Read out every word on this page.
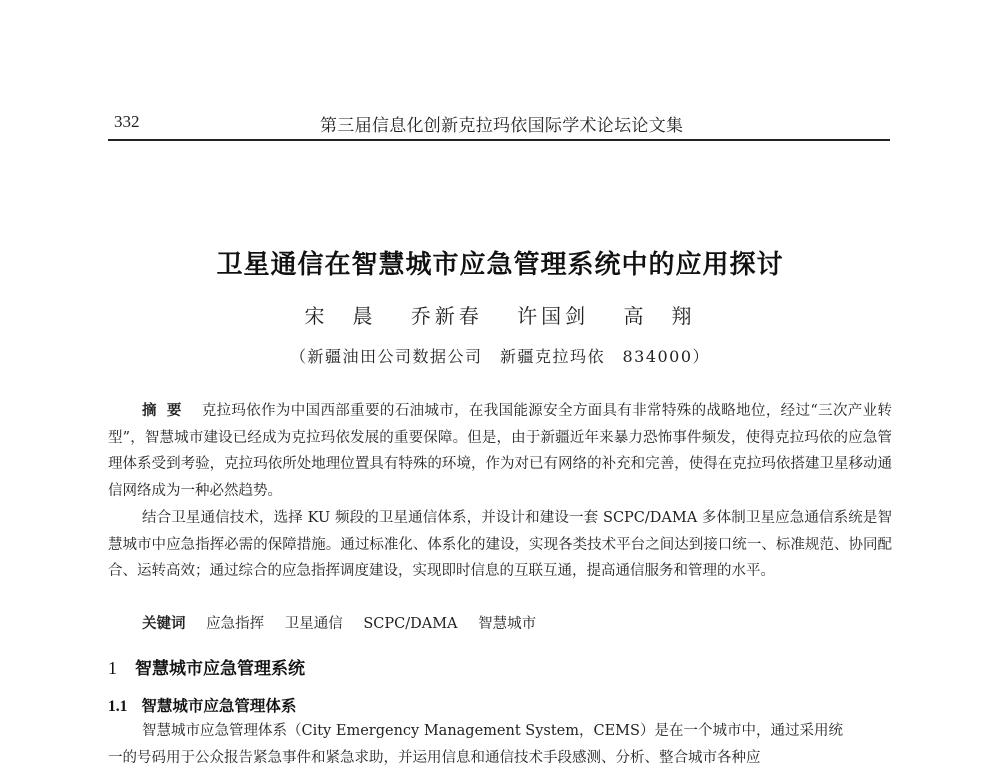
332	第三届信息化创新克拉玛依国际学术论坛论文集
卫星通信在智慧城市应急管理系统中的应用探讨
宋　晨 乔新春 许国剑 高　翔
（新疆油田公司数据公司　新疆克拉玛依　834000）
摘要 克拉玛依作为中国西部重要的石油城市，在我国能源安全方面具有非常特殊的战略地位，经过“三次产业转型”，智慧城市建设已经成为克拉玛依发展的重要保障。但是，由于新疆近年来暴力恐怖事件频发，使得克拉玛依的应急管理体系受到考验，克拉玛依所处地理位置具有特殊的环境，作为对已有网络的补充和完善，使得在克拉玛依搭建卫星移动通信网络成为一种必然趋势。
结合卫星通信技术，选择 KU 频段的卫星通信体系，并设计和建设一套 SCPC/DAMA 多体制卫星应急通信系统是智慧城市中应急指挥必需的保障措施。通过标准化、体系化的建设，实现各类技术平台之间达到接口统一、标准规范、协同配合、运转高效；通过综合的应急指挥调度建设，实现即时信息的互联互通，提高通信服务和管理的水平。
关键词 应急指挥 卫星通信 SCPC/DAMA 智慧城市
1 智慧城市应急管理系统
1.1 智慧城市应急管理体系
智慧城市应急管理体系（City Emergency Management System，CEMS）是在一个城市中，通过采用统
一的号码用于公众报告紧急事件和紧急求助，并运用信息和通信技术手段感测、分析、整合城市各种应
